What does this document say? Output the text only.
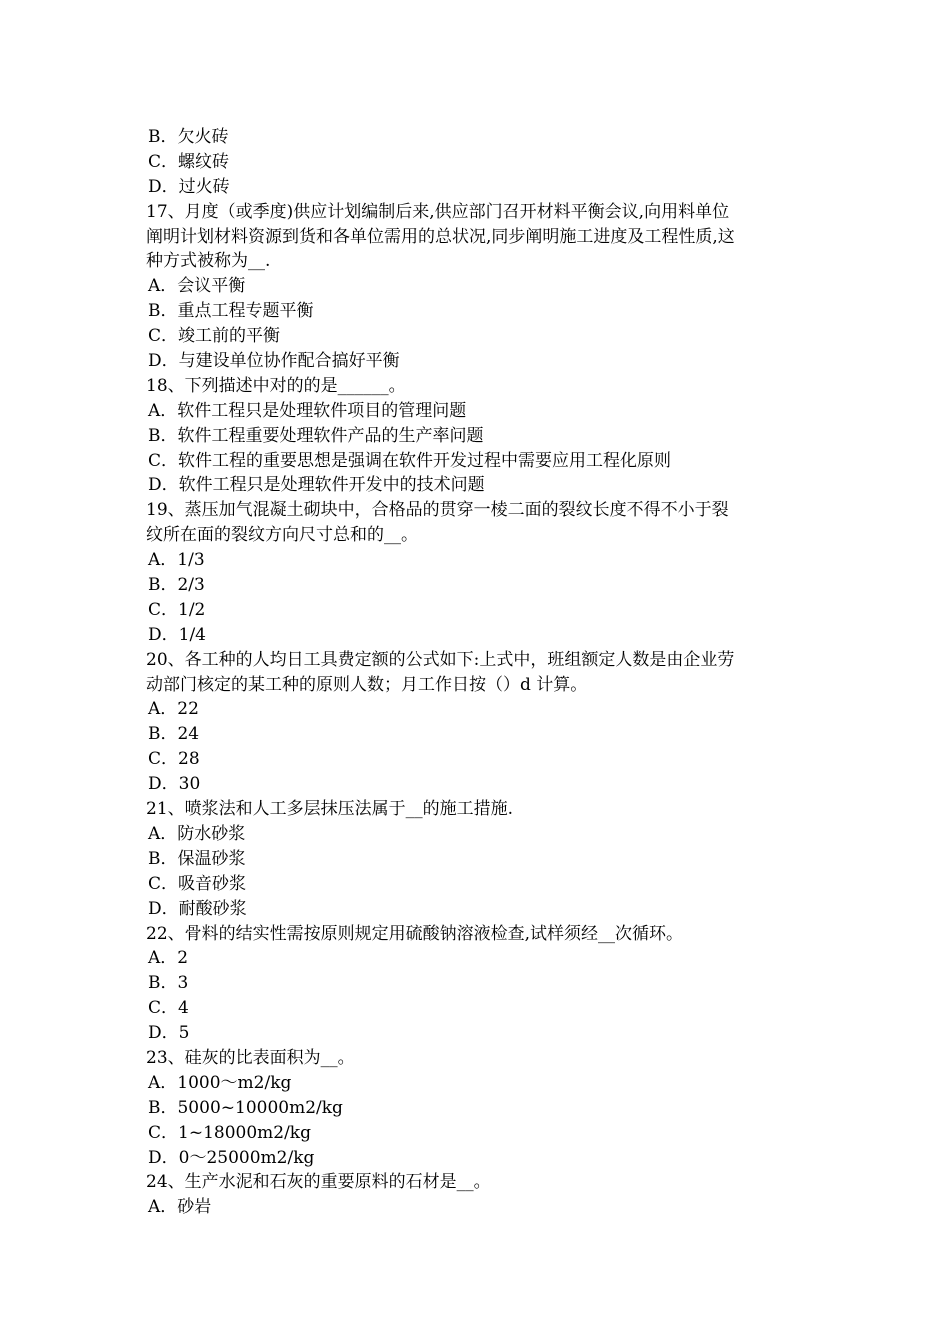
B．欠火砖
C．螺纹砖
D．过火砖
17、月度（或季度)供应计划编制后来,供应部门召开材料平衡会议,向用料单位
阐明计划材料资源到货和各单位需用的总状况,同步阐明施工进度及工程性质,这
种方式被称为__.
A．会议平衡
B．重点工程专题平衡
C．竣工前的平衡
D．与建设单位协作配合搞好平衡
18、下列描述中对的的是______。
A．软件工程只是处理软件项目的管理问题
B．软件工程重要处理软件产品的生产率问题
C．软件工程的重要思想是强调在软件开发过程中需要应用工程化原则
D．软件工程只是处理软件开发中的技术问题
19、蒸压加气混凝土砌块中，合格品的贯穿一棱二面的裂纹长度不得不小于裂
纹所在面的裂纹方向尺寸总和的__。
A．1/3
B．2/3
C．1/2
D．1/4
20、各工种的人均日工具费定额的公式如下:上式中，班组额定人数是由企业劳
动部门核定的某工种的原则人数；月工作日按（）d 计算。
A．22
B．24
C．28
D．30
21、喷浆法和人工多层抹压法属于__的施工措施.
A．防水砂浆
B．保温砂浆
C．吸音砂浆
D．耐酸砂浆
22、骨料的结实性需按原则规定用硫酸钠溶液检查,试样须经__次循环。
A．2
B．3
C．4
D．5
23、硅灰的比表面积为__。
A．1000～m2/kg
B．5000~10000m2/kg
C．1~18000m2/kg
D．0～25000m2/kg
24、生产水泥和石灰的重要原料的石材是__。
A．砂岩
